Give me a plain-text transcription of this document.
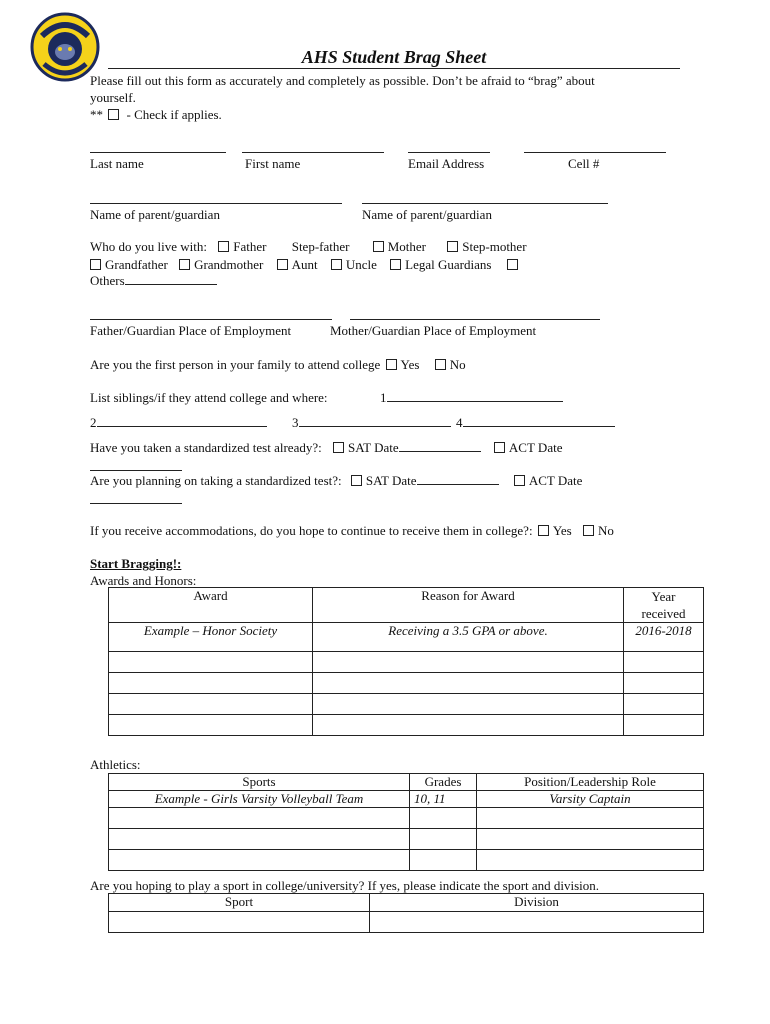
AHS Student Brag Sheet
Please fill out this form as accurately and completely as possible. Don’t be afraid to “brag” about
yourself.
** - Check if applies.
Last name	First name	Email Address	Cell #
Name of parent/guardian	Name of parent/guardian
Who do you live with: Father Step-father	Mother	Step-mother
Grandfather Grandmother Aunt Uncle Legal Guardians
Others
Father/Guardian Place of Employment	Mother/Guardian Place of Employment
Are you the first person in your family to attend college Yes No
List siblings/if they attend college and where:	1
2	3	4
Have you taken a standardized test already?: SAT Date	ACT Date
Are you planning on taking a standardized test?: SAT Date	ACT Date
If you receive accommodations, do you hope to continue to receive them in college?: Yes No
Start Bragging!:
Awards and Honors:
Award	Reason for Award	Year received
Example – Honor Society	Receiving a 3.5 GPA or above.	2016-2018

Athletics:
Sports	Grades	Position/Leadership Role
Example - Girls Varsity Volleyball Team	10, 11	Varsity Captain

Are you hoping to play a sport in college/university? If yes, please indicate the sport and division.
Sport	Division
